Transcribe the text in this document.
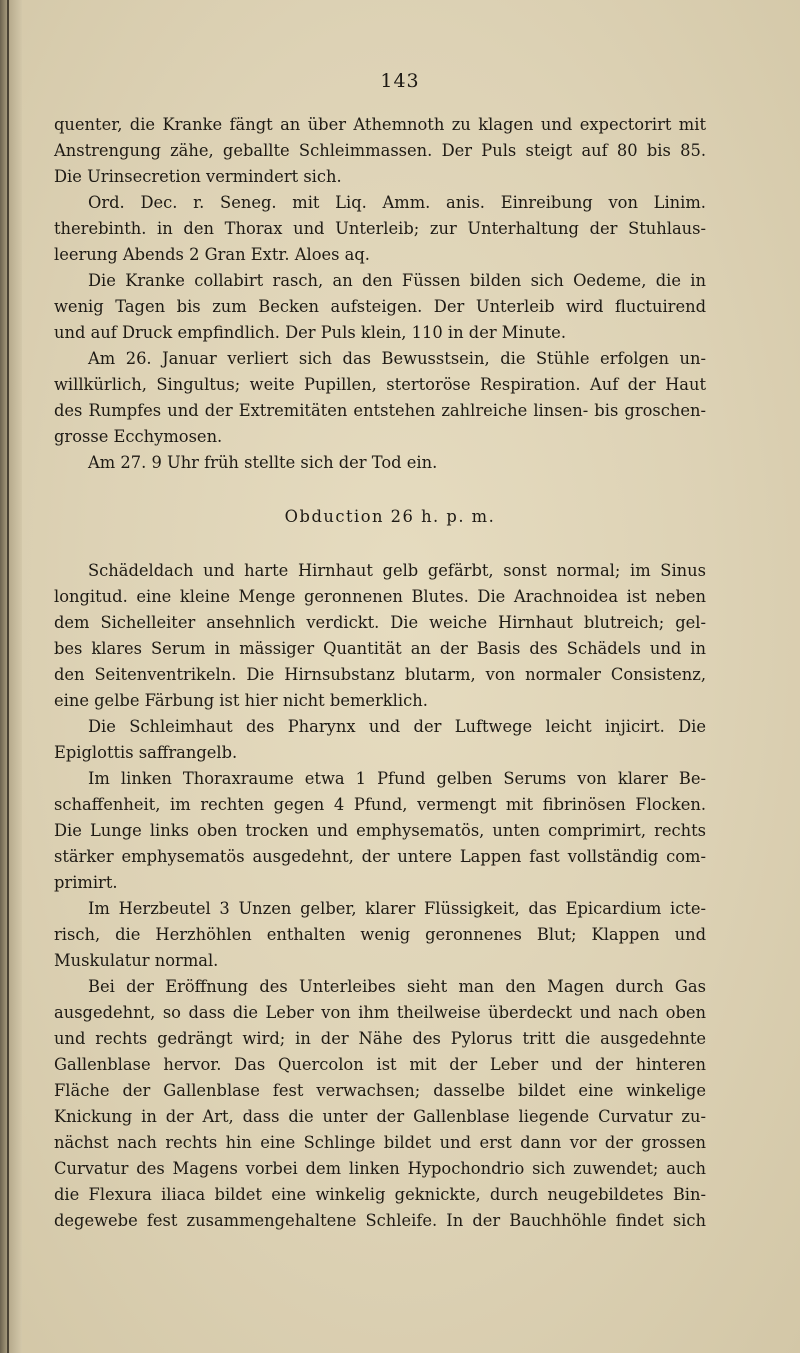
143
quenter, die Kranke fängt an über Athemnoth zu klagen und expectorirt mit
Anstrengung zähe, geballte Schleimmassen. Der Puls steigt auf 80 bis 85.
Die Urinsecretion vermindert sich.
Ord. Dec. r. Seneg. mit Liq. Amm. anis. Einreibung von Linim.
therebinth. in den Thorax und Unterleib; zur Unterhaltung der Stuhlaus-
leerung Abends 2 Gran Extr. Aloes aq.
Die Kranke collabirt rasch, an den Füssen bilden sich Oedeme, die in
wenig Tagen bis zum Becken aufsteigen. Der Unterleib wird fluctuirend
und auf Druck empfindlich. Der Puls klein, 110 in der Minute.
Am 26. Januar verliert sich das Bewusstsein, die Stühle erfolgen un-
willkürlich, Singultus; weite Pupillen, stertoröse Respiration. Auf der Haut
des Rumpfes und der Extremitäten entstehen zahlreiche linsen- bis groschen-
grosse Ecchymosen.
Am 27. 9 Uhr früh stellte sich der Tod ein.
Obduction 26 h. p. m.
Schädeldach und harte Hirnhaut gelb gefärbt, sonst normal; im Sinus
longitud. eine kleine Menge geronnenen Blutes. Die Arachnoidea ist neben
dem Sichelleiter ansehnlich verdickt. Die weiche Hirnhaut blutreich; gel-
bes klares Serum in mässiger Quantität an der Basis des Schädels und in
den Seitenventrikeln. Die Hirnsubstanz blutarm, von normaler Consistenz,
eine gelbe Färbung ist hier nicht bemerklich.
Die Schleimhaut des Pharynx und der Luftwege leicht injicirt. Die
Epiglottis saffrangelb.
Im linken Thoraxraume etwa 1 Pfund gelben Serums von klarer Be-
schaffenheit, im rechten gegen 4 Pfund, vermengt mit fibrinösen Flocken.
Die Lunge links oben trocken und emphysematös, unten comprimirt, rechts
stärker emphysematös ausgedehnt, der untere Lappen fast vollständig com-
primirt.
Im Herzbeutel 3 Unzen gelber, klarer Flüssigkeit, das Epicardium icte-
risch, die Herzhöhlen enthalten wenig geronnenes Blut; Klappen und
Muskulatur normal.
Bei der Eröffnung des Unterleibes sieht man den Magen durch Gas
ausgedehnt, so dass die Leber von ihm theilweise überdeckt und nach oben
und rechts gedrängt wird; in der Nähe des Pylorus tritt die ausgedehnte
Gallenblase hervor. Das Quercolon ist mit der Leber und der hinteren
Fläche der Gallenblase fest verwachsen; dasselbe bildet eine winkelige
Knickung in der Art, dass die unter der Gallenblase liegende Curvatur zu-
nächst nach rechts hin eine Schlinge bildet und erst dann vor der grossen
Curvatur des Magens vorbei dem linken Hypochondrio sich zuwendet; auch
die Flexura iliaca bildet eine winkelig geknickte, durch neugebildetes Bin-
degewebe fest zusammengehaltene Schleife. In der Bauchhöhle findet sich
